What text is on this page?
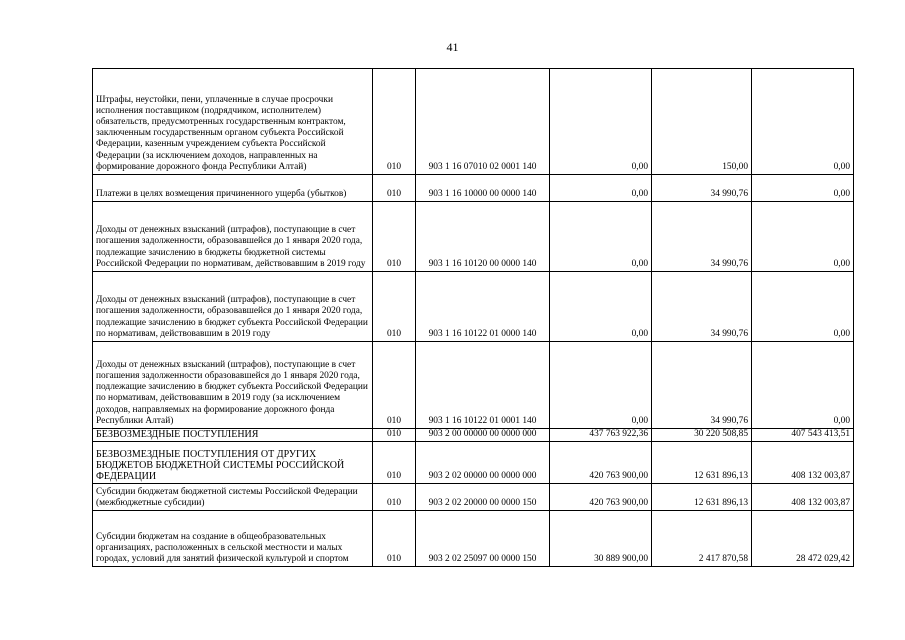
41
Штрафы, неустойки, пени, уплаченные в случае просрочки исполнения поставщиком (подрядчиком, исполнителем) обязательств, предусмотренных государственным контрактом, заключенным государственным органом субъекта Российской Федерации, казенным учреждением субъекта Российской Федерации (за исключением доходов, направленных на формирование дорожного фонда Республики Алтай)	010	903 1 16 07010 02 0001 140	0,00	150,00	0,00
Платежи в целях возмещения причиненного ущерба (убытков)	010	903 1 16 10000 00 0000 140	0,00	34 990,76	0,00
Доходы от денежных взысканий (штрафов), поступающие в счет погашения задолженности, образовавшейся до 1 января 2020 года, подлежащие зачислению в бюджеты бюджетной системы Российской Федерации по нормативам, действовавшим в 2019 году	010	903 1 16 10120 00 0000 140	0,00	34 990,76	0,00
Доходы от денежных взысканий (штрафов), поступающие в счет погашения задолженности, образовавшейся до 1 января 2020 года, подлежащие зачислению в бюджет субъекта Российской Федерации по нормативам, действовавшим в 2019 году	010	903 1 16 10122 01 0000 140	0,00	34 990,76	0,00
Доходы от денежных взысканий (штрафов), поступающие в счет погашения задолженности образовавшейся до 1 января 2020 года, подлежащие зачислению в бюджет субъекта Российской Федерации по нормативам, действовавшим в 2019 году (за исключением доходов, направляемых на формирование дорожного фонда Республики Алтай)	010	903 1 16 10122 01 0001 140	0,00	34 990,76	0,00
БЕЗВОЗМЕЗДНЫЕ ПОСТУПЛЕНИЯ	010	903 2 00 00000 00 0000 000	437 763 922,36	30 220 508,85	407 543 413,51
БЕЗВОЗМЕЗДНЫЕ ПОСТУПЛЕНИЯ ОТ ДРУГИХ БЮДЖЕТОВ БЮДЖЕТНОЙ СИСТЕМЫ РОССИЙСКОЙ ФЕДЕРАЦИИ	010	903 2 02 00000 00 0000 000	420 763 900,00	12 631 896,13	408 132 003,87
Субсидии бюджетам бюджетной системы Российской Федерации (межбюджетные субсидии)	010	903 2 02 20000 00 0000 150	420 763 900,00	12 631 896,13	408 132 003,87
Субсидии бюджетам на создание в общеобразовательных организациях, расположенных в сельской местности и малых городах, условий для занятий физической культурой и спортом	010	903 2 02 25097 00 0000 150	30 889 900,00	2 417 870,58	28 472 029,42
